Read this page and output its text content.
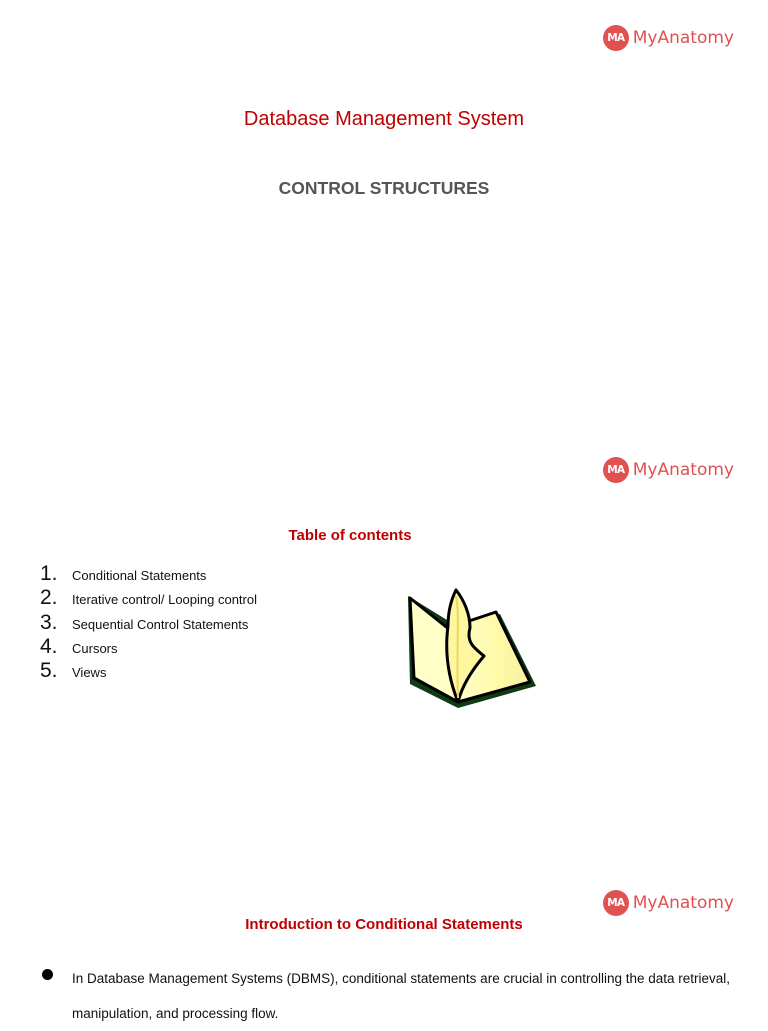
MA MyAnatomy
Database Management System
CONTROL STRUCTURES
MA MyAnatomy
Table of contents
1.	Conditional Statements
2.	Iterative control/ Looping control
3.	Sequential Control Statements
4.	Cursors
5.	Views
MA MyAnatomy
Introduction to Conditional Statements
In Database Management Systems (DBMS), conditional statements are crucial in controlling the data retrieval, manipulation, and processing flow.
